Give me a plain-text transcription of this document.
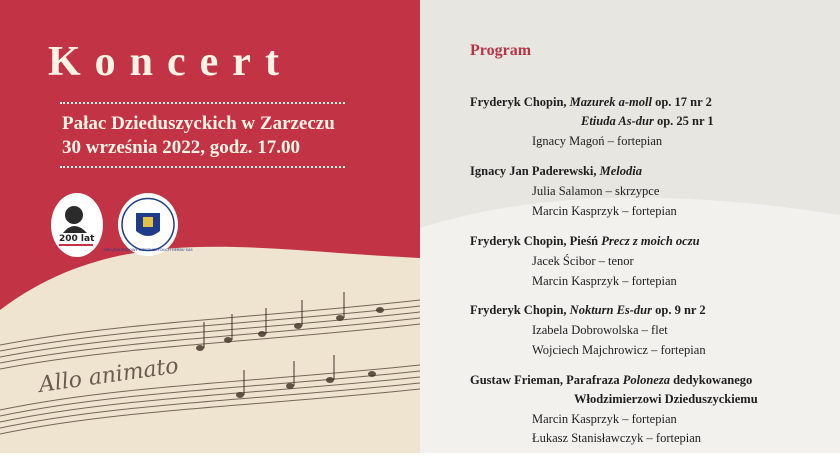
Allo animato
Koncert
Pałac Dzieduszyckich w Zarzeczu
30 września 2022, godz. 17.00
200 lat
ZWIĄZEK RODOWY DZIEDUSZYCKICH HERBU SAS
Program
Fryderyk Chopin, Mazurek a-moll op. 17 nr 2
Etiuda As-dur op. 25 nr 1
Ignacy Magoń – fortepian
Ignacy Jan Paderewski, Melodia
Julia Salamon – skrzypce
Marcin Kasprzyk – fortepian
Fryderyk Chopin, Pieśń Precz z moich oczu
Jacek Ścibor – tenor
Marcin Kasprzyk – fortepian
Fryderyk Chopin, Nokturn Es-dur op. 9 nr 2
Izabela Dobrowolska – flet
Wojciech Majchrowicz – fortepian
Gustaw Frieman, Parafraza Poloneza dedykowanego
Włodzimierzowi Dzieduszyckiemu
Marcin Kasprzyk – fortepian
Łukasz Stanisławczyk – fortepian
